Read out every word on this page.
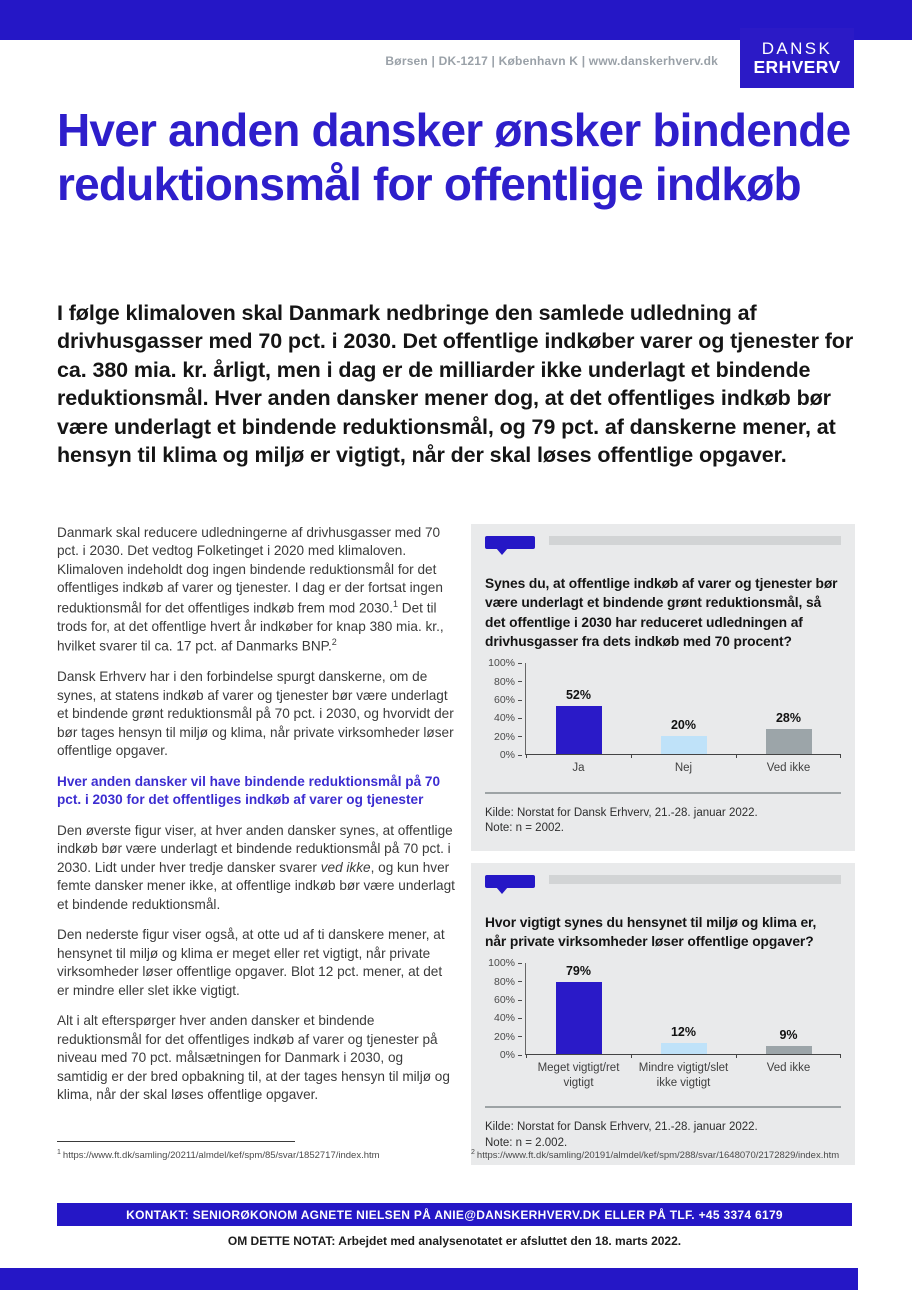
Børsen | DK-1217 | København K | www.danskerhverv.dk
DANSK
ERHVERV
Hver anden dansker ønsker bindende reduktionsmål for offentlige indkøb
I følge klimaloven skal Danmark nedbringe den samlede udledning af drivhusgasser med 70 pct. i 2030. Det offentlige indkøber varer og tjenester for ca. 380 mia. kr. årligt, men i dag er de milliarder ikke underlagt et bindende reduktionsmål. Hver anden dansker mener dog, at det offentliges indkøb bør være underlagt et bindende reduktionsmål, og 79 pct. af danskerne mener, at hensyn til klima og miljø er vigtigt, når der skal løses offentlige opgaver.

Danmark skal reducere udledningerne af drivhusgasser med 70 pct. i 2030. Det vedtog Folketinget i 2020 med klimaloven. Klimaloven indeholdt dog ingen bindende reduktionsmål for det offentliges indkøb af varer og tjenester. I dag er der fortsat ingen reduktionsmål for det offentliges indkøb frem mod 2030.$^1$ Det til trods for, at det offentlige hvert år indkøber for knap 380 mia. kr., hvilket svarer til ca. 17 pct. af Danmarks BNP.$^2$

Dansk Erhverv har i den forbindelse spurgt danskerne, om de synes, at statens indkøb af varer og tjenester bør være underlagt et bindende grønt reduktionsmål på 70 pct. i 2030, og hvorvidt der bør tages hensyn til miljø og klima, når private virksomheder løser offentlige opgaver.

Hver anden dansker vil have bindende reduktionsmål på 70 pct. i 2030 for det offentliges indkøb af varer og tjenester

Den øverste figur viser, at hver anden dansker synes, at offentlige indkøb bør være underlagt et bindende reduktionsmål på 70 pct. i 2030. Lidt under hver tredje dansker svarer ved ikke, og kun hver femte dansker mener ikke, at offentlige indkøb bør være underlagt et bindende reduktionsmål.

Den nederste figur viser også, at otte ud af ti danskere mener, at hensynet til miljø og klima er meget eller ret vigtigt, når private virksomheder løser offentlige opgaver. Blot 12 pct. mener, at det er mindre eller slet ikke vigtigt.

Alt i alt efterspørger hver anden dansker et bindende reduktionsmål for det offentliges indkøb af varer og tjenester på niveau med 70 pct. målsætningen for Danmark i 2030, og samtidig er der bred opbakning til, at der tages hensyn til miljø og klima, når der skal løses offentlige opgaver.

Synes du, at offentlige indkøb af varer og tjenester bør være underlagt et bindende grønt reduktionsmål, så det offentlige i 2030 har reduceret udledningen af drivhusgasser fra dets indkøb med 70 procent?
100%
80%
60%
40%
20%
0%
52%
20%
28%
Ja	Nej	Ved ikke
Kilde: Norstat for Dansk Erhverv, 21.-28. januar 2022.
Note: n = 2002.
Hvor vigtigt synes du hensynet til miljø og klima er, når private virksomheder løser offentlige opgaver?
100%
80%
60%
40%
20%
0%
79%
12%	9%
Meget vigtigt/ret vigtigt
Mindre vigtigt/slet ikke vigtigt
Ved ikke
Kilde: Norstat for Dansk Erhverv, 21.-28. januar 2022.
Note: n = 2.002.
$^1$ https://www.ft.dk/samling/20211/almdel/kef/spm/85/svar/1852717/index.htm	$^2$ https://www.ft.dk/samling/20191/almdel/kef/spm/288/svar/1648070/2172829/index.htm
KONTAKT: SENIORØKONOM AGNETE NIELSEN PÅ ANIE@DANSKERHVERV.DK ELLER PÅ TLF. +45 3374 6179
OM DETTE NOTAT: Arbejdet med analysenotatet er afsluttet den 18. marts 2022.
